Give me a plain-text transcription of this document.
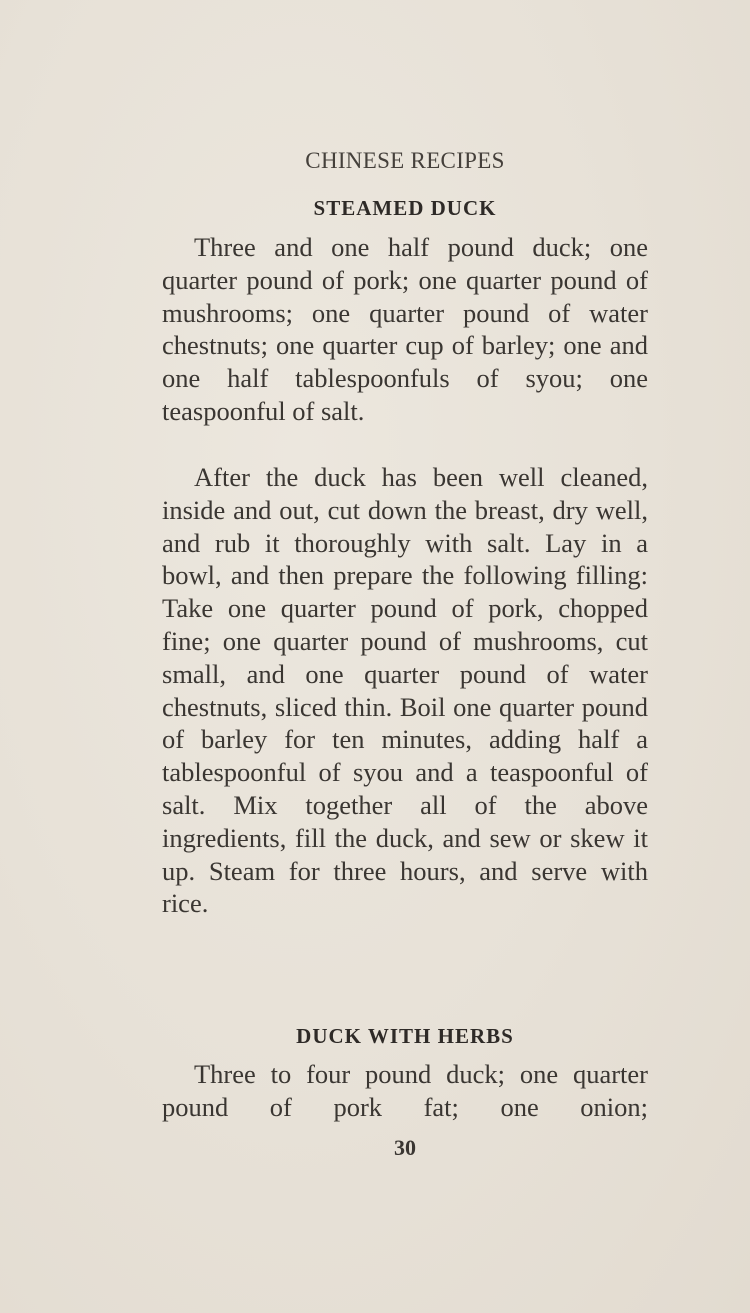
CHINESE RECIPES
STEAMED DUCK

Three and one half pound duck; one quarter pound of pork; one quarter pound of mushrooms; one quarter pound of water chestnuts; one quarter cup of barley; one and one half tablespoonfuls of syou; one teaspoonful of salt.

After the duck has been well cleaned, inside and out, cut down the breast, dry well, and rub it thoroughly with salt. Lay in a bowl, and then prepare the following filling: Take one quarter pound of pork, chopped fine; one quarter pound of mushrooms, cut small, and one quarter pound of water chestnuts, sliced thin. Boil one quarter pound of barley for ten minutes, adding half a tablespoonful of syou and a teaspoonful of salt. Mix together all of the above ingredients, fill the duck, and sew or skew it up. Steam for three hours, and serve with rice.

DUCK WITH HERBS

Three to four pound duck; one quarter pound of pork fat; one onion;

30
